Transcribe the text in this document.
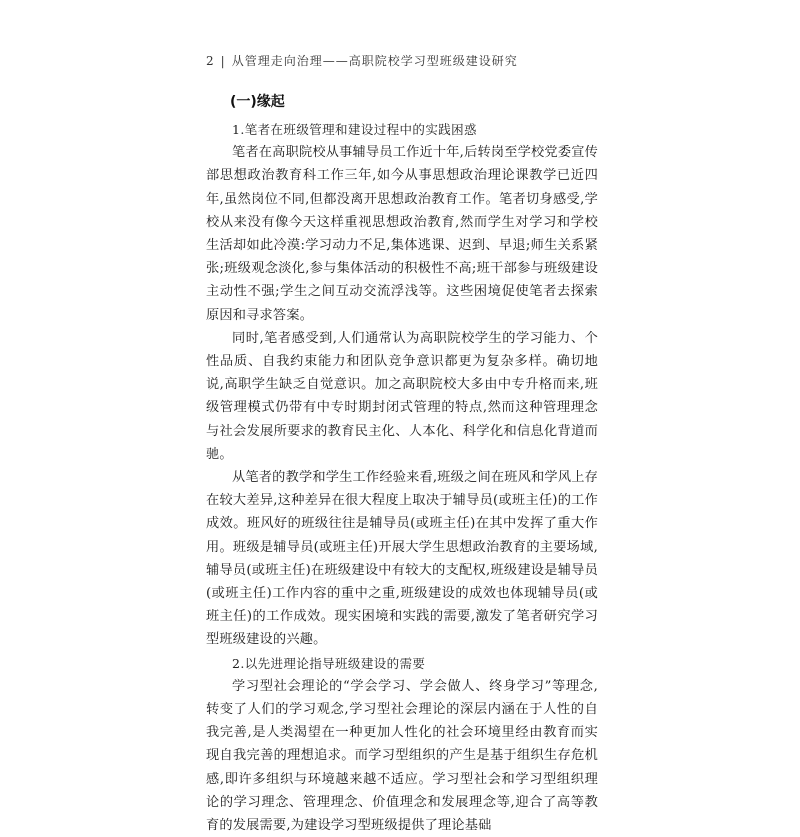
2 | 从管理走向治理——高职院校学习型班级建设研究
(一)缘起

1.笔者在班级管理和建设过程中的实践困惑

笔者在高职院校从事辅导员工作近十年,后转岗至学校党委宣传部思想政治教育科工作三年,如今从事思想政治理论课教学已近四年,虽然岗位不同,但都没离开思想政治教育工作。笔者切身感受,学校从来没有像今天这样重视思想政治教育,然而学生对学习和学校生活却如此冷漠:学习动力不足,集体逃课、迟到、早退;师生关系紧张;班级观念淡化,参与集体活动的积极性不高;班干部参与班级建设主动性不强;学生之间互动交流浮浅等。这些困境促使笔者去探索原因和寻求答案。

同时,笔者感受到,人们通常认为高职院校学生的学习能力、个性品质、自我约束能力和团队竞争意识都更为复杂多样。确切地说,高职学生缺乏自觉意识。加之高职院校大多由中专升格而来,班级管理模式仍带有中专时期封闭式管理的特点,然而这种管理理念与社会发展所要求的教育民主化、人本化、科学化和信息化背道而驰。

从笔者的教学和学生工作经验来看,班级之间在班风和学风上存在较大差异,这种差异在很大程度上取决于辅导员(或班主任)的工作成效。班风好的班级往往是辅导员(或班主任)在其中发挥了重大作用。班级是辅导员(或班主任)开展大学生思想政治教育的主要场域,辅导员(或班主任)在班级建设中有较大的支配权,班级建设是辅导员(或班主任)工作内容的重中之重,班级建设的成效也体现辅导员(或班主任)的工作成效。现实困境和实践的需要,激发了笔者研究学习型班级建设的兴趣。

2.以先进理论指导班级建设的需要

学习型社会理论的“学会学习、学会做人、终身学习”等理念,转变了人们的学习观念,学习型社会理论的深层内涵在于人性的自我完善,是人类渴望在一种更加人性化的社会环境里经由教育而实现自我完善的理想追求。而学习型组织的产生是基于组织生存危机感,即许多组织与环境越来越不适应。学习型社会和学习型组织理论的学习理念、管理理念、价值理念和发展理念等,迎合了高等教育的发展需要,为建设学习型班级提供了理论基础
